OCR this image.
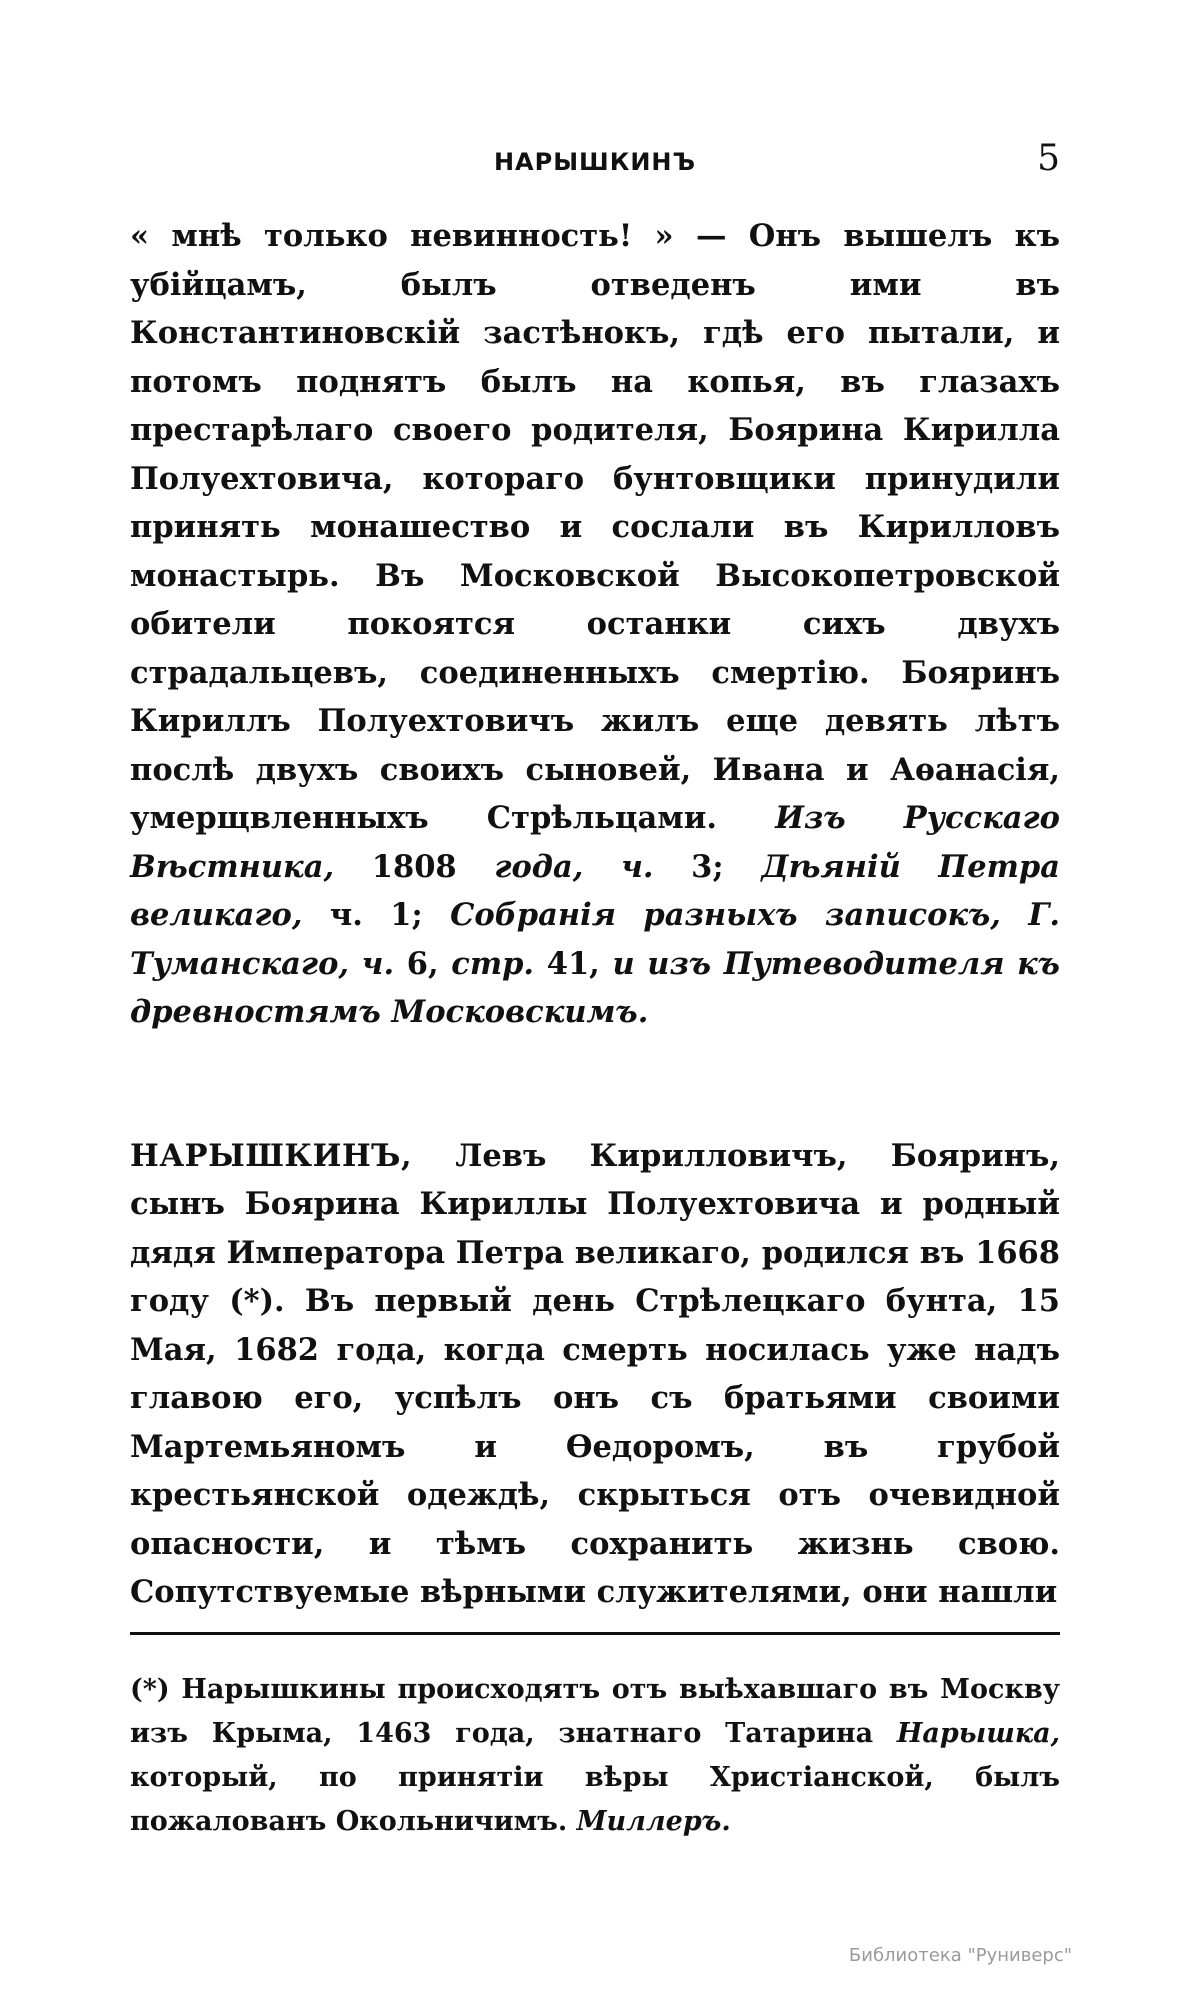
НАРЫШКИНЪ	5

« мнѣ только невинность! » — Онъ вышелъ къ убійцамъ, былъ отведенъ ими въ Константиновскій застѣнокъ, гдѣ его пытали, и потомъ поднятъ былъ на копья, въ глазахъ престарѣлаго своего родителя, Боярина Кирилла Полуехтовича, котораго бунтовщики принудили принять монашество и сослали въ Кирилловъ монастырь. Въ Московской Высокопетровской обители покоятся останки сихъ двухъ страдальцевъ, соединенныхъ смертію. Бояринъ Кириллъ Полуехтовичъ жилъ еще девять лѣтъ послѣ двухъ своихъ сыновей, Ивана и Аѳанасія, умерщвленныхъ Стрѣльцами. Изъ Русскаго Вѣстника, 1808 года, ч. 3; Дѣяній Петра великаго, ч. 1; Собранія разныхъ записокъ, Г. Туманскаго, ч. 6, стр. 41, и изъ Путеводителя къ древностямъ Московскимъ.

НАРЫШКИНЪ, Левъ Кирилловичъ, Бояринъ, сынъ Боярина Кириллы Полуехтовича и родный дядя Императора Петра великаго, родился въ 1668 году (*). Въ первый день Стрѣлецкаго бунта, 15 Мая, 1682 года, когда смерть носилась уже надъ главою его, успѣлъ онъ съ братьями своими Мартемьяномъ и Ѳедоромъ, въ грубой крестьянской одеждѣ, скрыться отъ очевидной опасности, и тѣмъ сохранить жизнь свою. Сопутствуемые вѣрными служителями, они нашли

(*) Нарышкины происходятъ отъ выѣхавшаго въ Москву изъ Крыма, 1463 года, знатнаго Татарина Нарышка, который, по принятіи вѣры Христіанской, былъ пожалованъ Окольничимъ. Миллеръ.
Библиотека "Руниверс"
